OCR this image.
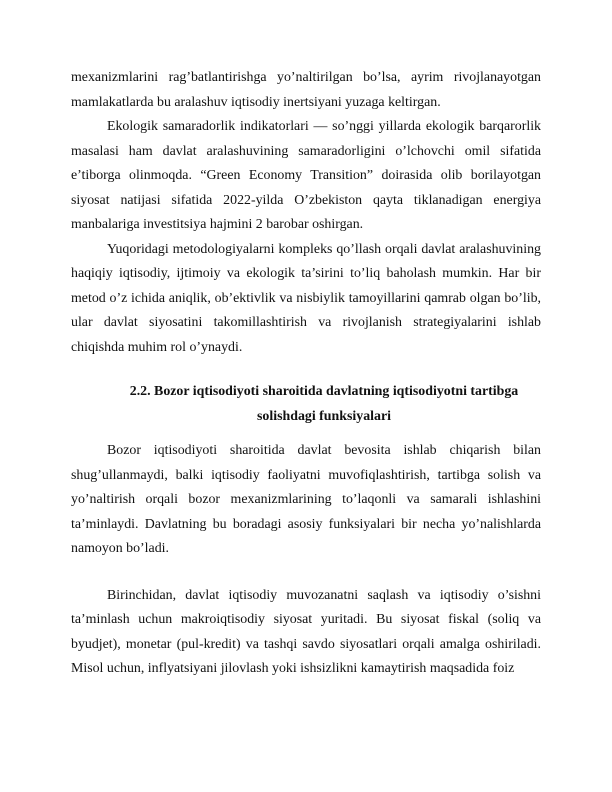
mexanizmlarini rag’batlantirishga yo’naltirilgan bo’lsa, ayrim rivojlanayotgan mamlakatlarda bu aralashuv iqtisodiy inertsiyani yuzaga keltirgan.

Ekologik samaradorlik indikatorlari — so’nggi yillarda ekologik barqarorlik masalasi ham davlat aralashuvining samaradorligini o’lchovchi omil sifatida e’tiborga olinmoqda. “Green Economy Transition” doirasida olib borilayotgan siyosat natijasi sifatida 2022-yilda O’zbekiston qayta tiklanadigan energiya manbalariga investitsiya hajmini 2 barobar oshirgan.

Yuqoridagi metodologiyalarni kompleks qo’llash orqali davlat aralashuvining haqiqiy iqtisodiy, ijtimoiy va ekologik ta’sirini to’liq baholash mumkin. Har bir metod o’z ichida aniqlik, ob’ektivlik va nisbiylik tamoyillarini qamrab olgan bo’lib, ular davlat siyosatini takomillashtirish va rivojlanish strategiyalarini ishlab chiqishda muhim rol o’ynaydi.

2.2. Bozor iqtisodiyoti sharoitida davlatning iqtisodiyotni tartibga
solishdagi funksiyalari

Bozor iqtisodiyoti sharoitida davlat bevosita ishlab chiqarish bilan shug’ullanmaydi, balki iqtisodiy faoliyatni muvofiqlashtirish, tartibga solish va yo’naltirish orqali bozor mexanizmlarining to’laqonli va samarali ishlashini ta’minlaydi. Davlatning bu boradagi asosiy funksiyalari bir necha yo’nalishlarda namoyon bo’ladi.

Birinchidan, davlat iqtisodiy muvozanatni saqlash va iqtisodiy o’sishni ta’minlash uchun makroiqtisodiy siyosat yuritadi. Bu siyosat fiskal (soliq va byudjet), monetar (pul-kredit) va tashqi savdo siyosatlari orqali amalga oshiriladi. Misol uchun, inflyatsiyani jilovlash yoki ishsizlikni kamaytirish maqsadida foiz
